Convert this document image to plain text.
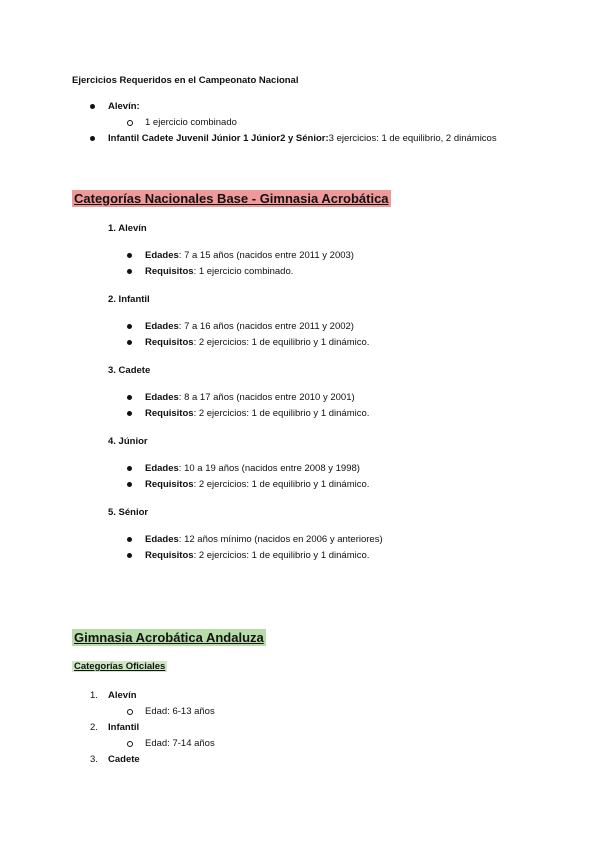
Ejercicios Requeridos en el Campeonato Nacional
Alevín:
1 ejercicio combinado
Infantil Cadete Juvenil Júnior 1 Júnior2 y Sénior:3 ejercicios: 1 de equilibrio, 2 dinámicos
Categorías Nacionales Base - Gimnasia Acrobática
1. Alevín
Edades: 7 a 15 años (nacidos entre 2011 y 2003)
Requisitos: 1 ejercicio combinado.
2. Infantil
Edades: 7 a 16 años (nacidos entre 2011 y 2002)
Requisitos: 2 ejercicios: 1 de equilibrio y 1 dinámico.
3. Cadete
Edades: 8 a 17 años (nacidos entre 2010 y 2001)
Requisitos: 2 ejercicios: 1 de equilibrio y 1 dinámico.
4. Júnior
Edades: 10 a 19 años (nacidos entre 2008 y 1998)
Requisitos: 2 ejercicios: 1 de equilibrio y 1 dinámico.
5. Sénior
Edades: 12 años mínimo (nacidos en 2006 y anteriores)
Requisitos: 2 ejercicios: 1 de equilibrio y 1 dinámico.
Gimnasia Acrobática Andaluza
Categorías Oficiales
1. Alevín
Edad: 6-13 años
2. Infantil
Edad: 7-14 años
3. Cadete
